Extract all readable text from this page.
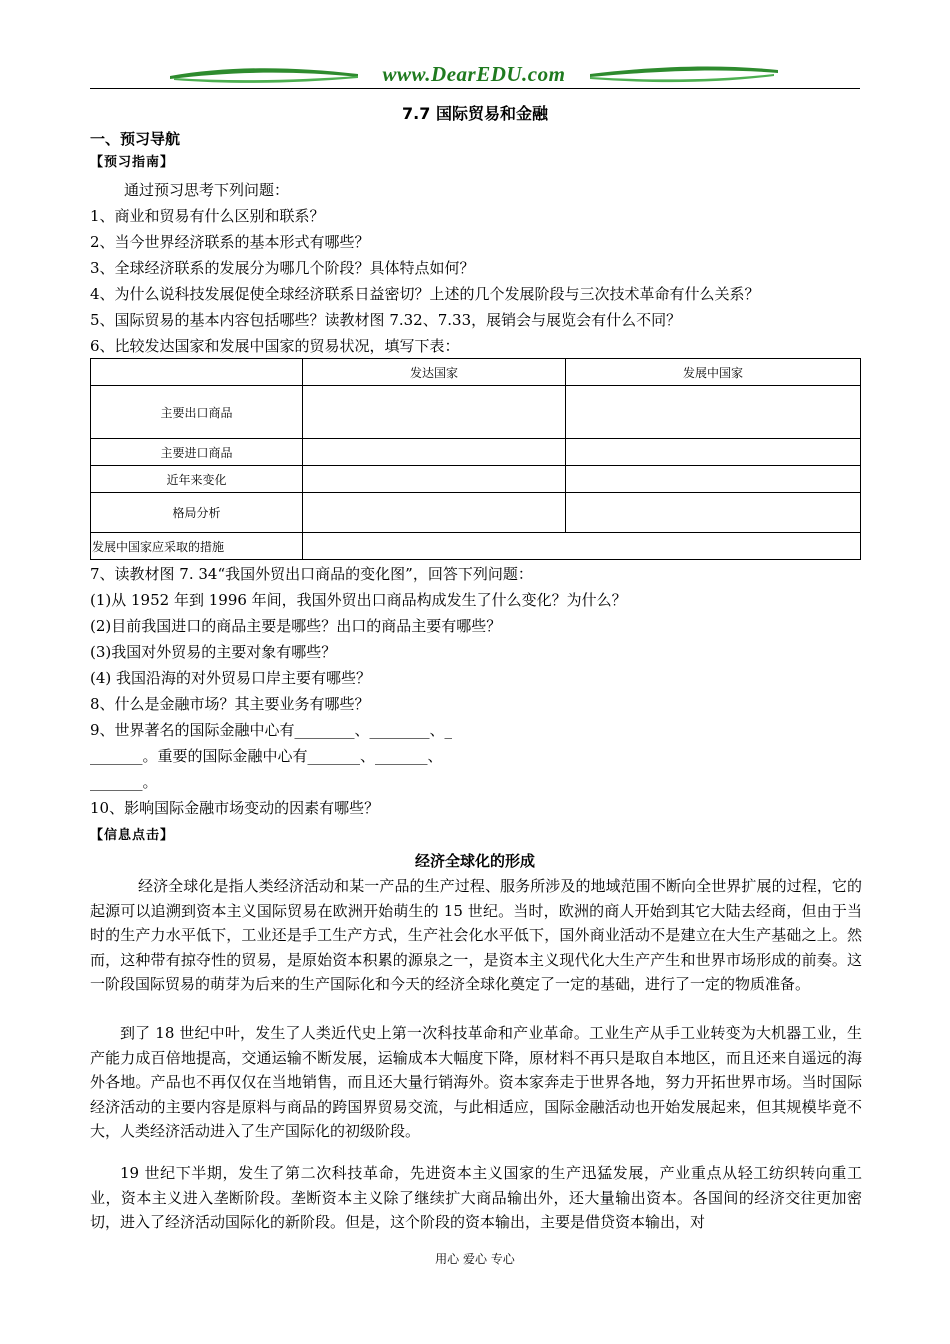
www.DearEDU.com
7.7 国际贸易和金融
一、预习导航
【预习指南】
通过预习思考下列问题：
1、商业和贸易有什么区别和联系？
2、当今世界经济联系的基本形式有哪些？
3、全球经济联系的发展分为哪几个阶段？具体特点如何？
4、为什么说科技发展促使全球经济联系日益密切？上述的几个发展阶段与三次技术革命有什么关系？
5、国际贸易的基本内容包括哪些？读教材图 7.32、7.33，展销会与展览会有什么不同？
6、比较发达国家和发展中国家的贸易状况，填写下表：
	发达国家	发展中国家
主要出口商品		
主要进口商品		
近年来变化		
格局分析		
发展中国家应采取的措施		
7、读教材图 7. 34“我国外贸出口商品的变化图”，回答下列问题：
(1)从 1952 年到 1996 年间，我国外贸出口商品构成发生了什么变化？为什么？
(2)目前我国进口的商品主要是哪些？出口的商品主要有哪些？
(3)我国对外贸易的主要对象有哪些？
(4) 我国沿海的对外贸易口岸主要有哪些？
8、什么是金融市场？其主要业务有哪些？
9、世界著名的国际金融中心有________、________、_
_______。重要的国际金融中心有_______、_______、
_______。
10、影响国际金融市场变动的因素有哪些？
【信息点击】
经济全球化的形成
经济全球化是指人类经济活动和某一产品的生产过程、服务所涉及的地域范围不断向全世界扩展的过程，它的起源可以追溯到资本主义国际贸易在欧洲开始萌生的 15 世纪。当时，欧洲的商人开始到其它大陆去经商，但由于当时的生产力水平低下，工业还是手工生产方式，生产社会化水平低下，国外商业活动不是建立在大生产基础之上。然而，这种带有掠夺性的贸易，是原始资本积累的源泉之一，是资本主义现代化大生产产生和世界市场形成的前奏。这一阶段国际贸易的萌芽为后来的生产国际化和今天的经济全球化奠定了一定的基础，进行了一定的物质准备。
到了 18 世纪中叶，发生了人类近代史上第一次科技革命和产业革命。工业生产从手工业转变为大机器工业，生产能力成百倍地提高，交通运输不断发展，运输成本大幅度下降，原材料不再只是取自本地区，而且还来自遥远的海外各地。产品也不再仅仅在当地销售，而且还大量行销海外。资本家奔走于世界各地，努力开拓世界市场。当时国际经济活动的主要内容是原料与商品的跨国界贸易交流，与此相适应，国际金融活动也开始发展起来，但其规模毕竟不大，人类经济活动进入了生产国际化的初级阶段。
19 世纪下半期，发生了第二次科技革命，先进资本主义国家的生产迅猛发展，产业重点从轻工纺织转向重工业，资本主义进入垄断阶段。垄断资本主义除了继续扩大商品输出外，还大量输出资本。各国间的经济交往更加密切，进入了经济活动国际化的新阶段。但是，这个阶段的资本输出，主要是借贷资本输出，对
用心 爱心 专心
